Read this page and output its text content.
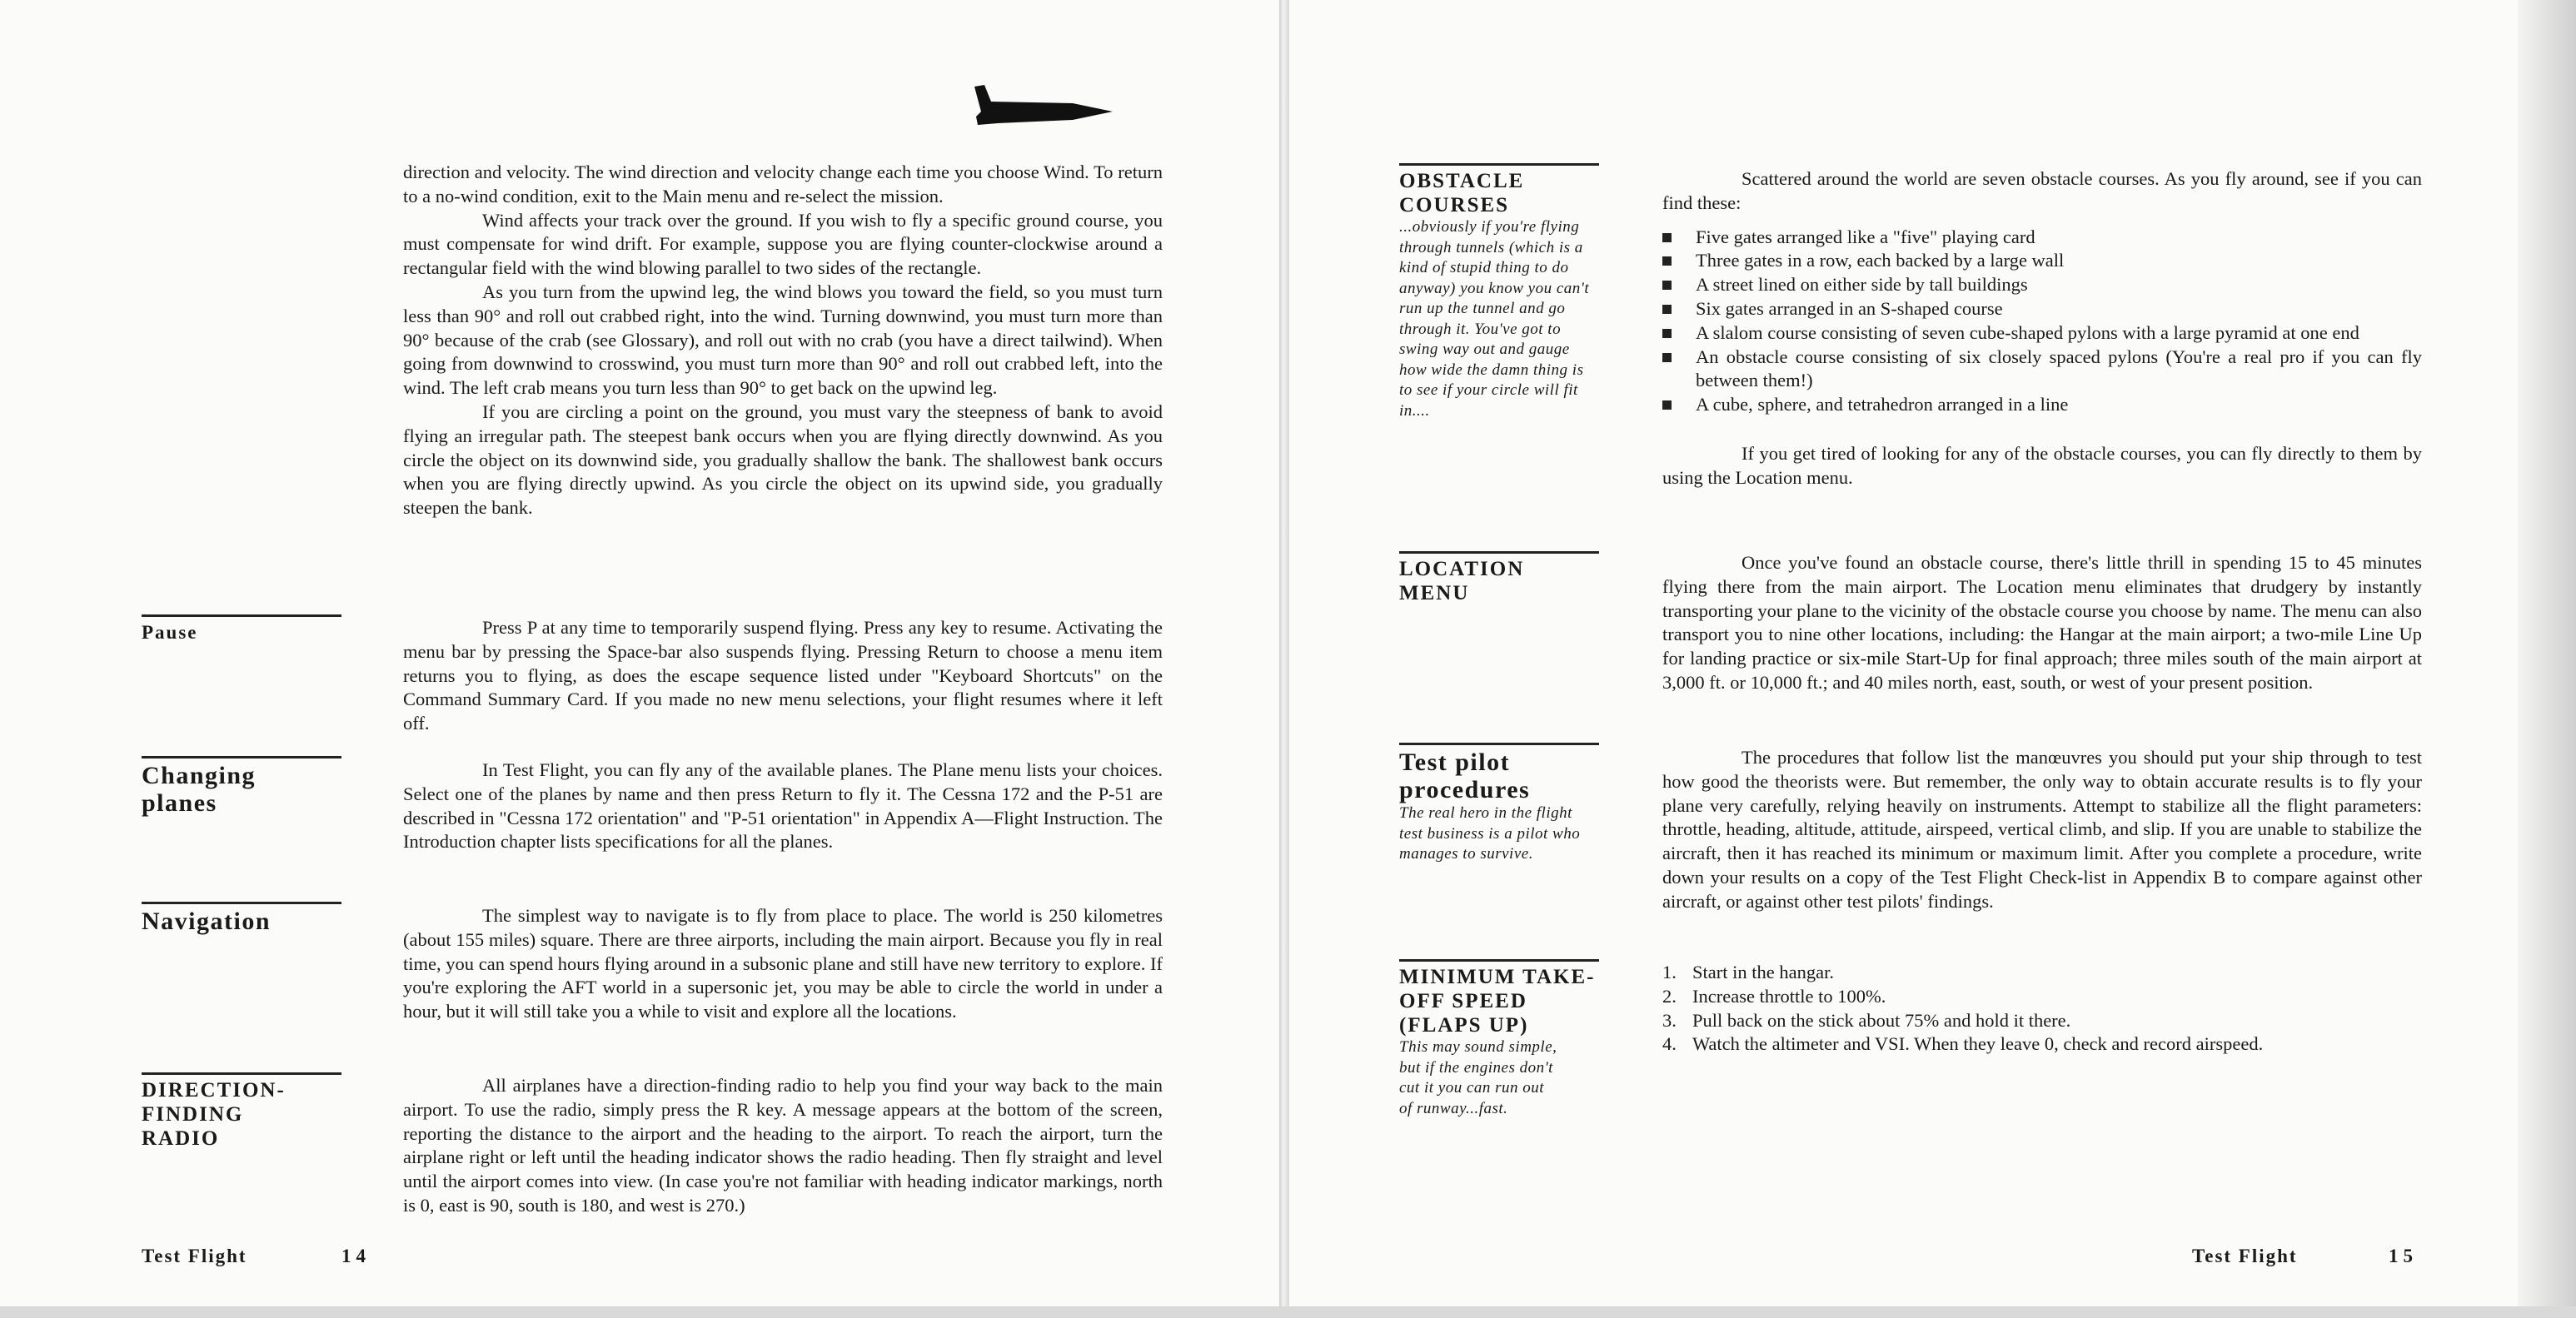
direction and velocity. The wind direction and velocity change each time you choose Wind. To return to a no-wind condition, exit to the Main menu and re-select the mission.

Wind affects your track over the ground. If you wish to fly a specific ground course, you must compensate for wind drift. For example, suppose you are flying counter-clockwise around a rectangular field with the wind blowing parallel to two sides of the rectangle.

As you turn from the upwind leg, the wind blows you toward the field, so you must turn less than 90° and roll out crabbed right, into the wind. Turning downwind, you must turn more than 90° because of the crab (see Glossary), and roll out with no crab (you have a direct tailwind). When going from downwind to crosswind, you must turn more than 90° and roll out crabbed left, into the wind. The left crab means you turn less than 90° to get back on the upwind leg.

If you are circling a point on the ground, you must vary the steepness of bank to avoid flying an irregular path. The steepest bank occurs when you are flying directly downwind. As you circle the object on its downwind side, you gradually shallow the bank. The shallowest bank occurs when you are flying directly upwind. As you circle the object on its upwind side, you gradually steepen the bank.

Pause	Press P at any time to temporarily suspend flying. Press any key to resume. Activating the menu bar by pressing the Space-bar also suspends flying. Pressing Return to choose a menu item returns you to flying, as does the escape sequence listed under "Keyboard Shortcuts" on the Command Summary Card. If you made no new menu selections, your flight resumes where it left off.

Changing planes

In Test Flight, you can fly any of the available planes. The Plane menu lists your choices. Select one of the planes by name and then press Return to fly it. The Cessna 172 and the P-51 are described in "Cessna 172 orientation" and "P-51 orientation" in Appendix A—Flight Instruction. The Introduction chapter lists specifications for all the planes.

Navigation	The simplest way to navigate is to fly from place to place. The world is 250 kilometres (about 155 miles) square. There are three airports, including the main airport. Because you fly in real time, you can spend hours flying around in a subsonic plane and still have new territory to explore. If you're exploring the AFT world in a supersonic jet, you may be able to circle the world in under a hour, but it will still take you a while to visit and explore all the locations.

DIRECTION-FINDING RADIO

All airplanes have a direction-finding radio to help you find your way back to the main airport. To use the radio, simply press the R key. A message appears at the bottom of the screen, reporting the distance to the airport and the heading to the airport. To reach the airport, turn the airplane right or left until the heading indicator shows the radio heading. Then fly straight and level until the airport comes into view. (In case you're not familiar with heading indicator markings, north is 0, east is 90, south is 180, and west is 270.)

Test Flight	14
OBSTACLE COURSES
...obviously if you're flying through tunnels (which is a kind of stupid thing to do anyway) you know you can't run up the tunnel and go through it. You've got to swing way out and gauge how wide the damn thing is to see if your circle will fit in....

Scattered around the world are seven obstacle courses. As you fly around, see if you can find these:

Five gates arranged like a "five" playing card
Three gates in a row, each backed by a large wall
A street lined on either side by tall buildings
Six gates arranged in an S-shaped course
A slalom course consisting of seven cube-shaped pylons with a large pyramid at one end
An obstacle course consisting of six closely spaced pylons (You're a real pro if you can fly between them!)
A cube, sphere, and tetrahedron arranged in a line

If you get tired of looking for any of the obstacle courses, you can fly directly to them by using the Location menu.

LOCATION MENU

Once you've found an obstacle course, there's little thrill in spending 15 to 45 minutes flying there from the main airport. The Location menu eliminates that drudgery by instantly transporting your plane to the vicinity of the obstacle course you choose by name. The menu can also transport you to nine other locations, including: the Hangar at the main airport; a two-mile Line Up for landing practice or six-mile Start-Up for final approach; three miles south of the main airport at 3,000 ft. or 10,000 ft.; and 40 miles north, east, south, or west of your present position.

Test pilot procedures
The real hero in the flight test business is a pilot who manages to survive.

The procedures that follow list the manœuvres you should put your ship through to test how good the theorists were. But remember, the only way to obtain accurate results is to fly your plane very carefully, relying heavily on instruments. Attempt to stabilize all the flight parameters: throttle, heading, altitude, attitude, airspeed, vertical climb, and slip. If you are unable to stabilize the aircraft, then it has reached its minimum or maximum limit. After you complete a procedure, write down your results on a copy of the Test Flight Check-list in Appendix B to compare against other aircraft, or against other test pilots' findings.

MINIMUM TAKE-OFF SPEED (FLAPS UP)
This may sound simple, but if the engines don't cut it you can run out of runway...fast.
1. Start in the hangar.
2. Increase throttle to 100%.
3. Pull back on the stick about 75% and hold it there.
4. Watch the altimeter and VSI. When they leave 0, check and record airspeed.
Test Flight	15
